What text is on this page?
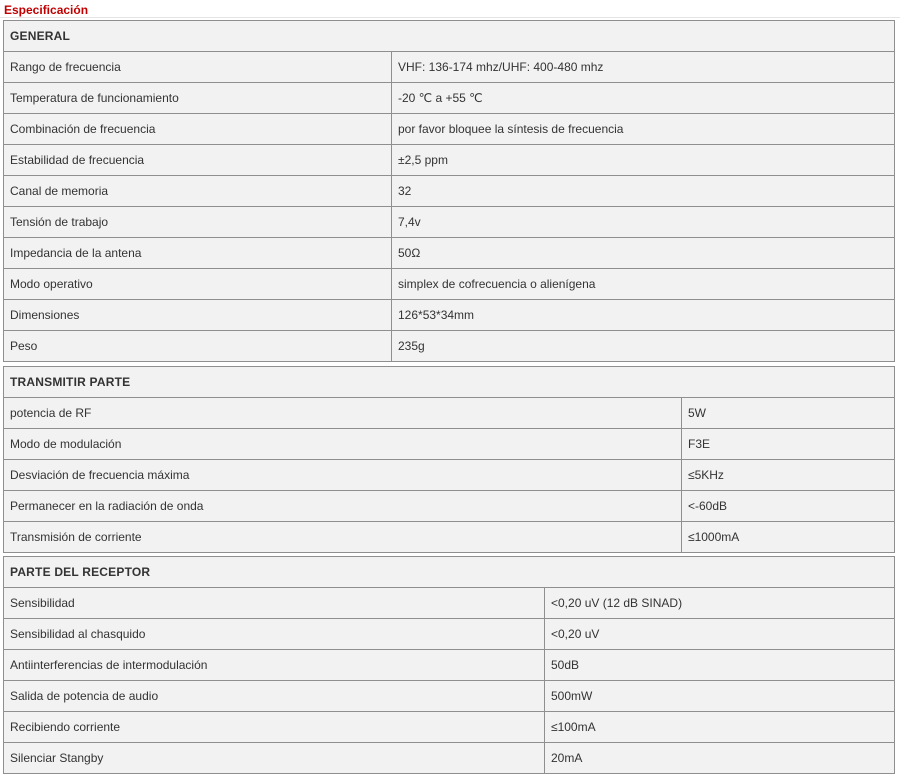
Especificación
GENERAL	
Rango de frecuencia	VHF: 136-174 mhz/UHF: 400-480 mhz
Temperatura de funcionamiento	-20 ℃ a +55 ℃
Combinación de frecuencia	por favor bloquee la síntesis de frecuencia
Estabilidad de frecuencia	±2,5 ppm
Canal de memoria	32
Tensión de trabajo	7,4v
Impedancia de la antena	50Ω
Modo operativo	simplex de cofrecuencia o alienígena
Dimensiones	126*53*34mm
Peso	235g
TRANSMITIR PARTE	
potencia de RF	5W
Modo de modulación	F3E
Desviación de frecuencia máxima	≤5KHz
Permanecer en la radiación de onda	<-60dB
Transmisión de corriente	≤1000mA
PARTE DEL RECEPTOR	
Sensibilidad	<0,20 uV (12 dB SINAD)
Sensibilidad al chasquido	<0,20 uV
Antiinterferencias de intermodulación	50dB
Salida de potencia de audio	500mW
Recibiendo corriente	≤100mA
Silenciar Stangby	20mA
